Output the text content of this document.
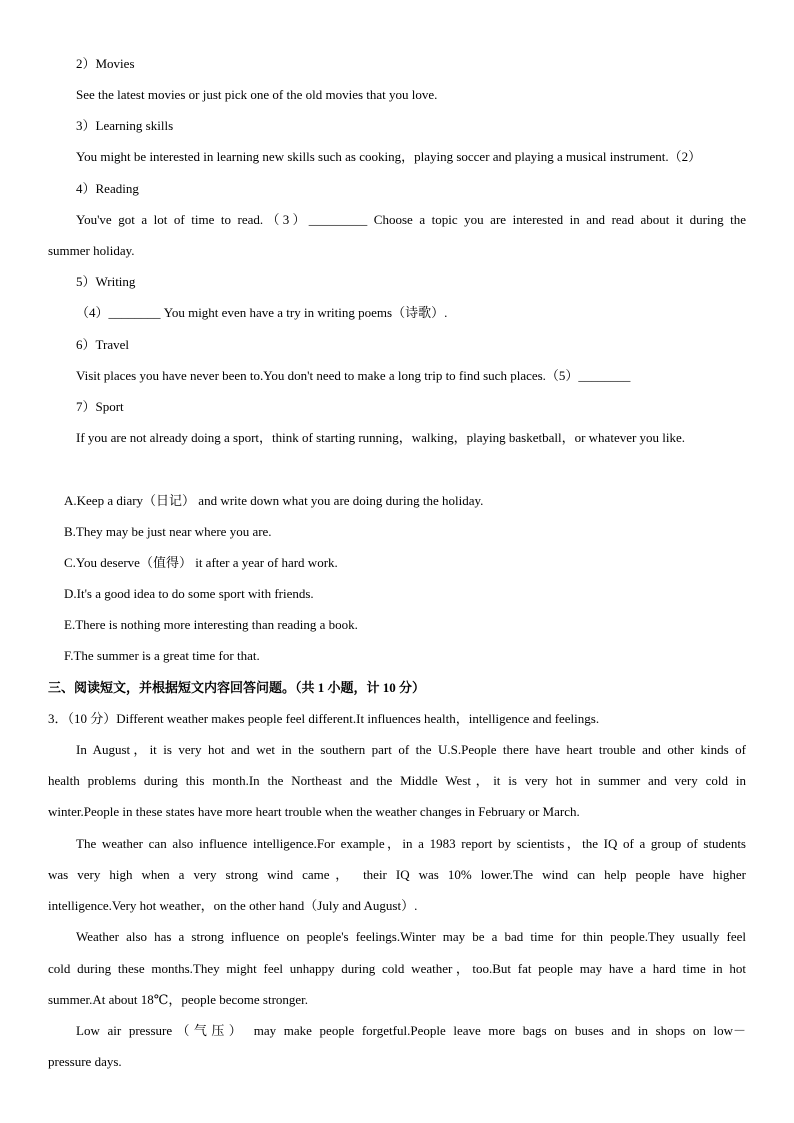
2）Movies
See the latest movies or just pick one of the old movies that you love.
3）Learning skills
You might be interested in learning new skills such as cooking，playing soccer and playing a musical instrument.（2）
4）Reading
You've got a lot of time to read.（3）_________ Choose a topic you are interested in and read about it during the
summer holiday.
5）Writing
（4）________ You might even have a try in writing poems（诗歌）.
6）Travel
Visit places you have never been to.You don't need to make a long trip to find such places.（5）________
7）Sport
If you are not already doing a sport，think of starting running，walking，playing basketball，or whatever you like.
A.Keep a diary（日记） and write down what you are doing during the holiday.
B.They may be just near where you are.
C.You deserve（值得） it after a year of hard work.
D.It's a good idea to do some sport with friends.
E.There is nothing more interesting than reading a book.
F.The summer is a great time for that.
三、阅读短文，并根据短文内容回答问题。（共 1 小题，计 10 分）
3．（10 分）Different weather makes people feel different.It influences health，intelligence and feelings.
In August，it is very hot and wet in the southern part of the U.S.People there have heart trouble and other kinds of
health problems during this month.In the Northeast and the Middle West，it is very hot in summer and very cold in
winter.People in these states have more heart trouble when the weather changes in February or March.
The weather can also influence intelligence.For example，in a 1983 report by scientists，the IQ of a group of students
was very high when a very strong wind came， their IQ was 10% lower.The wind can help people have higher
intelligence.Very hot weather，on the other hand（July and August）.
Weather also has a strong influence on people's feelings.Winter may be a bad time for thin people.They usually feel
cold during these months.They might feel unhappy during cold weather，too.But fat people may have a hard time in hot
summer.At about 18℃，people become stronger.
Low air pressure（气压） may make people forgetful.People leave more bags on buses and in shops on low－
pressure days.
